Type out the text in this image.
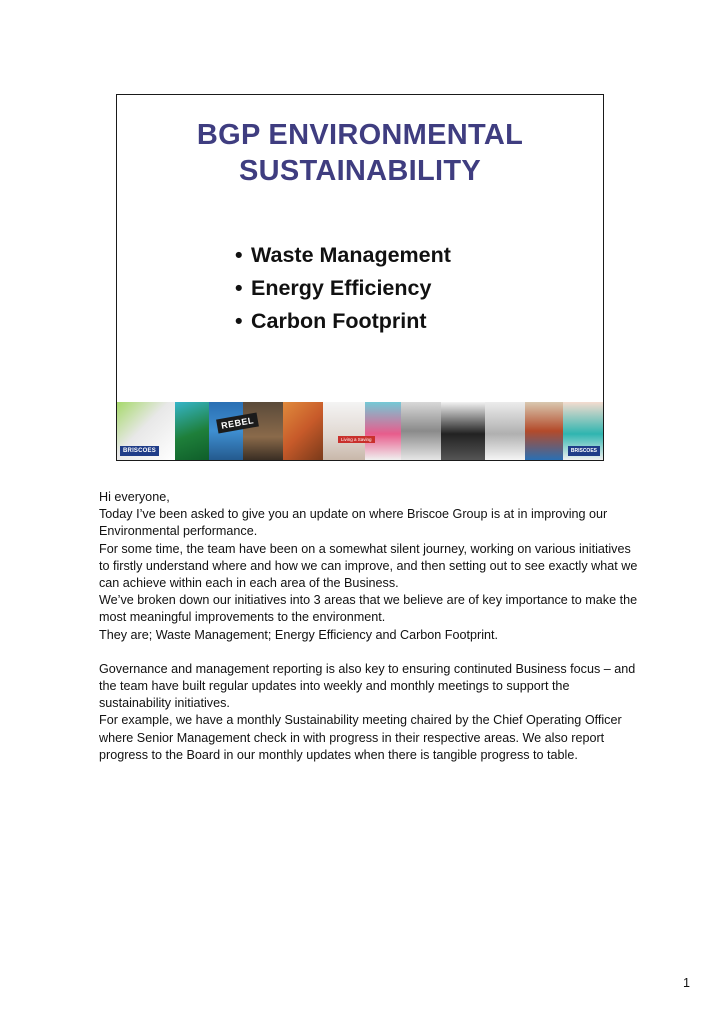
BGP ENVIRONMENTAL
SUSTAINABILITY
• Waste Management
• Energy Efficiency
• Carbon Footprint
BRISCOES
REBEL
Living a Saving
BRISCOES

Hi everyone,

Today I’ve been asked to give you an update on where Briscoe Group is at in improving our Environmental performance.

For some time, the team have been on a somewhat silent journey, working on various initiatives to firstly understand where and how we can improve, and then setting out to see exactly what we can achieve within each in each area of the Business.

We’ve broken down our initiatives into 3 areas that we believe are of key importance to make the most meaningful improvements to the environment.

They are; Waste Management; Energy Efficiency and Carbon Footprint.

Governance and management reporting is also key to ensuring continuted Business focus – and the team have built regular updates into weekly and monthly meetings to support the sustainability initiatives.

For example, we have a monthly Sustainability meeting chaired by the Chief Operating Officer where Senior Management check in with progress in their respective areas. We also report progress to the Board in our monthly updates when there is tangible progress to table.

1
